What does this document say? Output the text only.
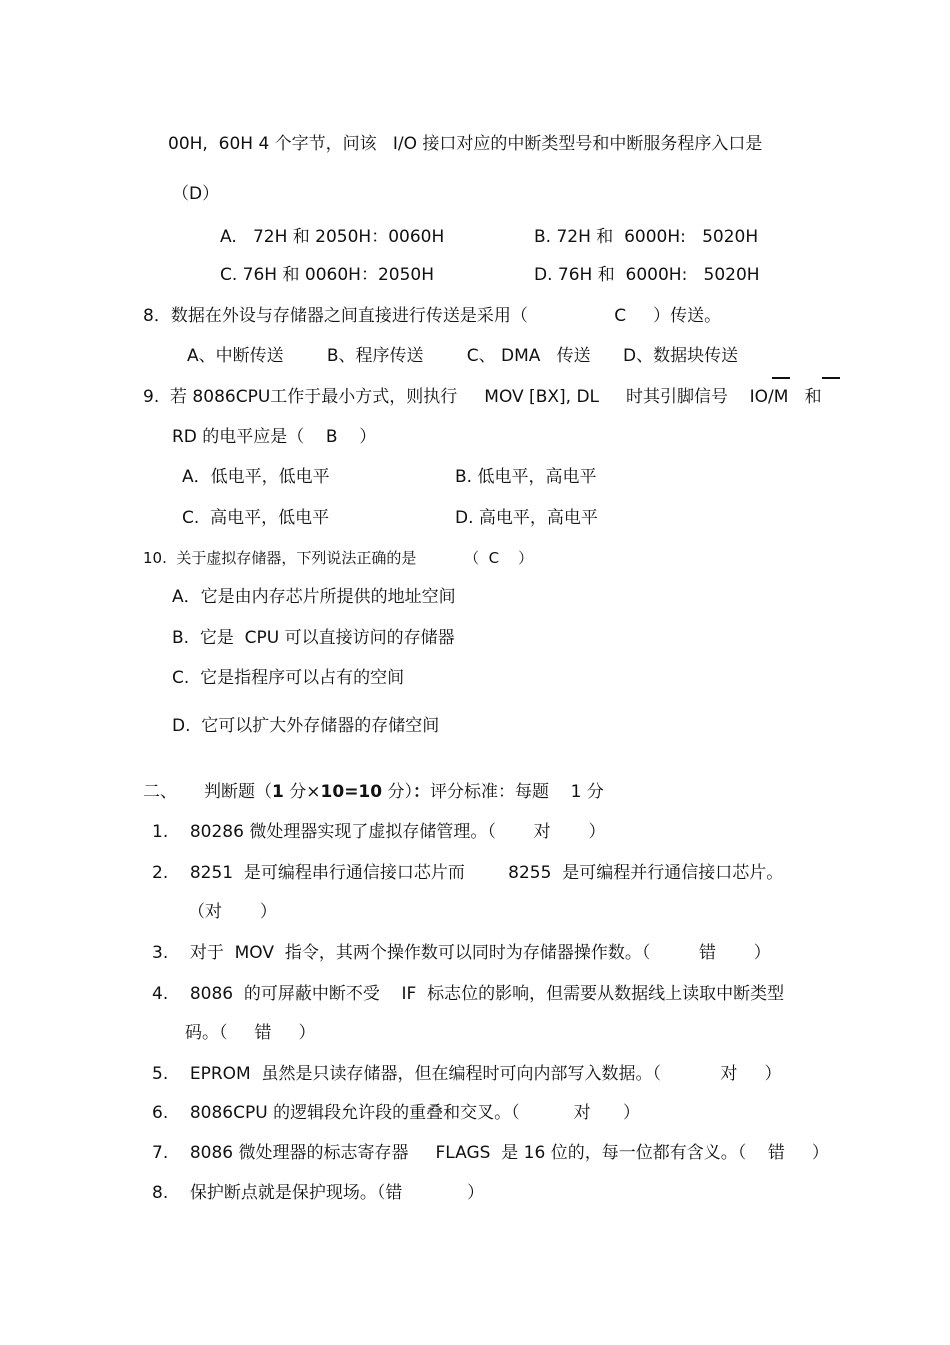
00H,  60H 4 个字节，问该   I/O 接口对应的中断类型号和中断服务程序入口是
（D）
A.   72H 和 2050H：0060H	B. 72H 和  6000H:   5020H
C. 76H 和 0060H：2050H	D. 76H 和  6000H:   5020H
8．数据在外设与存储器之间直接进行传送是采用（                C     ）传送。
A、中断传送        B、程序传送        C、 DMA   传送      D、数据块传送
9.  若 8086CPU工作于最小方式，则执行     MOV [BX], DL     时其引脚信号    IO/M   和
RD 的电平应是（    B    ）
A．低电平，低电平	B. 低电平，高电平
C.  高电平，低电平	D. 高电平，高电平
10.  关于虚拟存储器，下列说法正确的是          （  C    ）
A．它是由内存芯片所提供的地址空间
B.  它是  CPU 可以直接访问的存储器
C.  它是指程序可以占有的空间
D.  它可以扩大外存储器的存储空间
二、     判断题（1 分×10=10 分）：评分标准：每题    1 分
1.    80286 微处理器实现了虚拟存储管理。（       对       ）
2.    8251  是可编程串行通信接口芯片而        8255  是可编程并行通信接口芯片。
（对       ）
3.    对于  MOV  指令，其两个操作数可以同时为存储器操作数。（         错       ）
4.    8086  的可屏蔽中断不受    IF  标志位的影响，但需要从数据线上读取中断类型
码。（     错     ）
5.    EPROM  虽然是只读存储器，但在编程时可向内部写入数据。（           对     ）
6.    8086CPU 的逻辑段允许段的重叠和交叉。（          对      ）
7.    8086 微处理器的标志寄存器     FLAGS  是 16 位的，每一位都有含义。（    错     ）
8.    保护断点就是保护现场。（错            ）
